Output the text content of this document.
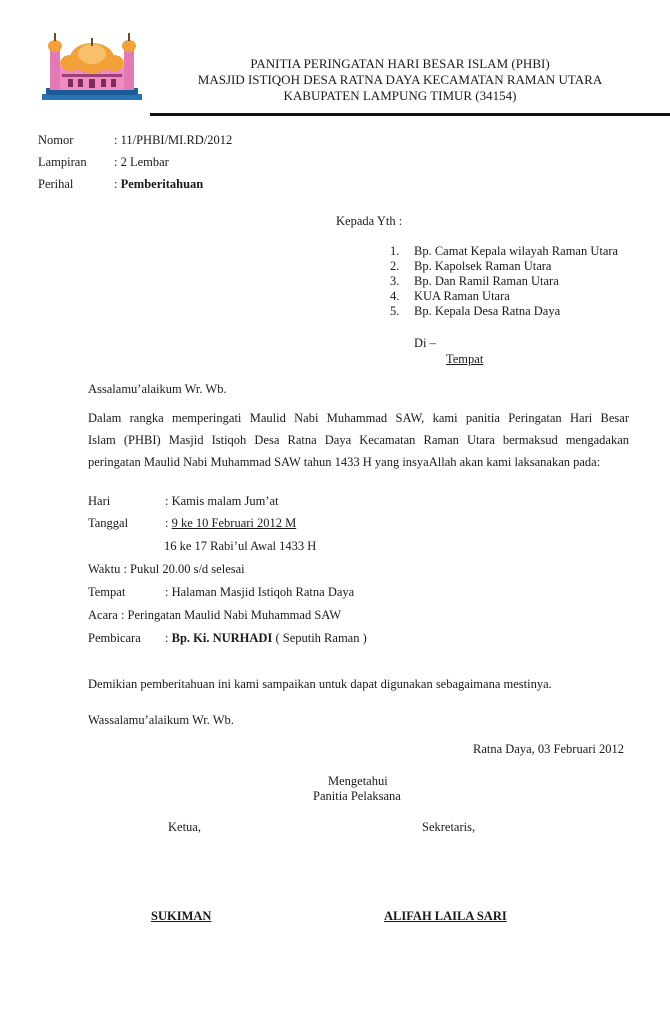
PANITIA PERINGATAN HARI BESAR ISLAM (PHBI)
MASJID ISTIQOH DESA RATNA DAYA KECAMATAN RAMAN UTARA
KABUPATEN LAMPUNG TIMUR (34154)
Nomor	: 11/PHBI/MI.RD/2012
Lampiran : 2 Lembar
Perihal	: Pemberitahuan
Kepada Yth :
1. Bp. Camat Kepala wilayah Raman Utara
2. Bp. Kapolsek Raman Utara
3. Bp. Dan Ramil Raman Utara
4. KUA Raman Utara
5. Bp. Kepala Desa Ratna Daya
Di –
Tempat
Assalamu’alaikum Wr. Wb.
Dalam rangka memperingati Maulid Nabi Muhammad SAW, kami panitia Peringatan Hari Besar
Islam (PHBI) Masjid Istiqoh Desa Ratna Daya Kecamatan Raman Utara bermaksud mengadakan
peringatan Maulid Nabi Muhammad SAW tahun 1433 H yang insyaAllah akan kami laksanakan pada:
Hari	: Kamis malam Jum’at
Tanggal	: 9 ke 10 Februari 2012 M
16 ke 17 Rabi’ul Awal 1433 H
Waktu : Pukul 20.00 s/d selesai
Tempat	: Halaman Masjid Istiqoh Ratna Daya
Acara : Peringatan Maulid Nabi Muhammad SAW
Pembicara : Bp. Ki. NURHADI ( Seputih Raman )
Demikian pemberitahuan ini kami sampaikan untuk dapat digunakan sebagaimana mestinya.
Wassalamu’alaikum Wr. Wb.
Ratna Daya, 03 Februari 2012
Mengetahui
Panitia Pelaksana
Ketua,	Sekretaris,
SUKIMAN	ALIFAH LAILA SARI
